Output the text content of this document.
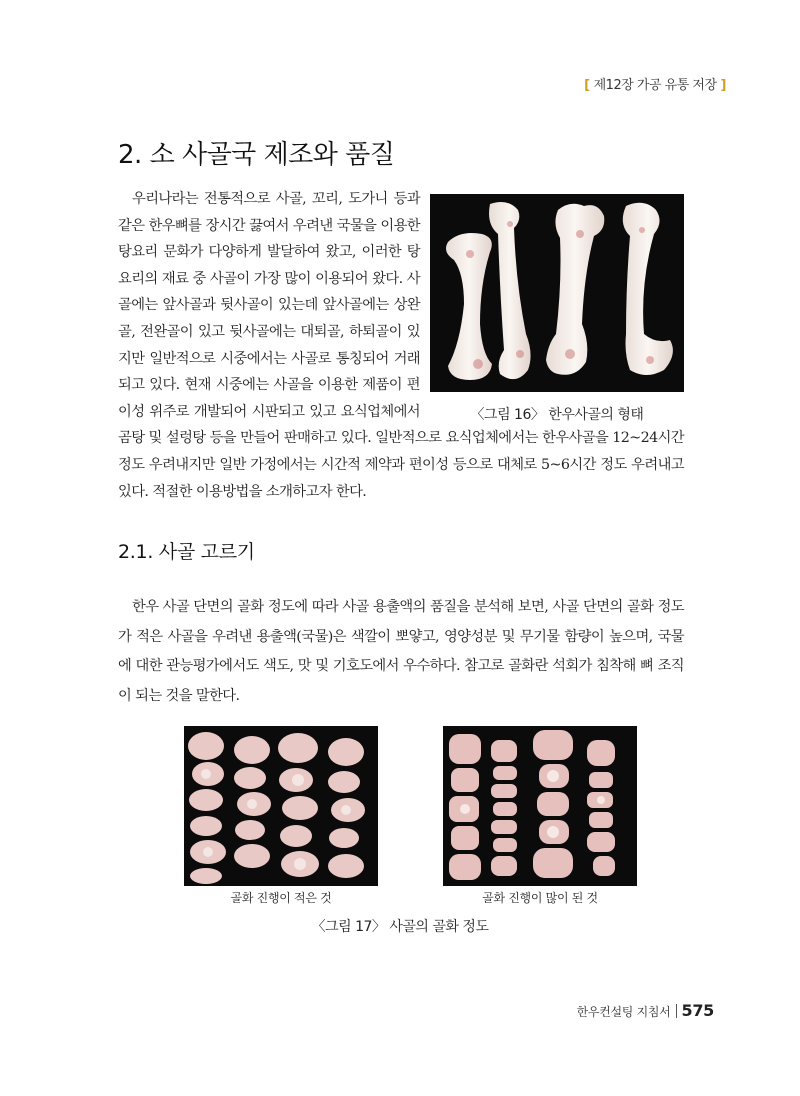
[ 제12장 가공 유통 저장 ]
2. 소 사골국 제조와 품질
〈그림 16〉 한우사골의 형태
우리나라는 전통적으로 사골, 꼬리, 도가니 등과 같은 한우뼈를 장시간 끓여서 우려낸 국물을 이용한 탕요리 문화가 다양하게 발달하여 왔고, 이러한 탕요리의 재료 중 사골이 가장 많이 이용되어 왔다. 사골에는 앞사골과 뒷사골이 있는데 앞사골에는 상완골, 전완골이 있고 뒷사골에는 대퇴골, 하퇴골이 있지만 일반적으로 시중에서는 사골로 통칭되어 거래되고 있다. 현재 시중에는 사골을 이용한 제품이 편이성 위주로 개발되어 시판되고 있고 요식업체에서 곰탕 및 설렁탕 등을 만들어 판매하고 있다. 일반적으로 요식업체에서는 한우사골을 12~24시간 정도 우려내지만 일반 가정에서는 시간적 제약과 편이성 등으로 대체로 5~6시간 정도 우려내고 있다. 적절한 이용방법을 소개하고자 한다.
2.1. 사골 고르기

한우 사골 단면의 골화 정도에 따라 사골 용출액의 품질을 분석해 보면, 사골 단면의 골화 정도가 적은 사골을 우려낸 용출액(국물)은 색깔이 뽀얗고, 영양성분 및 무기물 함량이 높으며, 국물에 대한 관능평가에서도 색도, 맛 및 기호도에서 우수하다. 참고로 골화란 석회가 침착해 뼈 조직이 되는 것을 말한다.

골화 진행이 적은 것	골화 진행이 많이 된 것
〈그림 17〉 사골의 골화 정도
한우컨설팅 지침서 575
